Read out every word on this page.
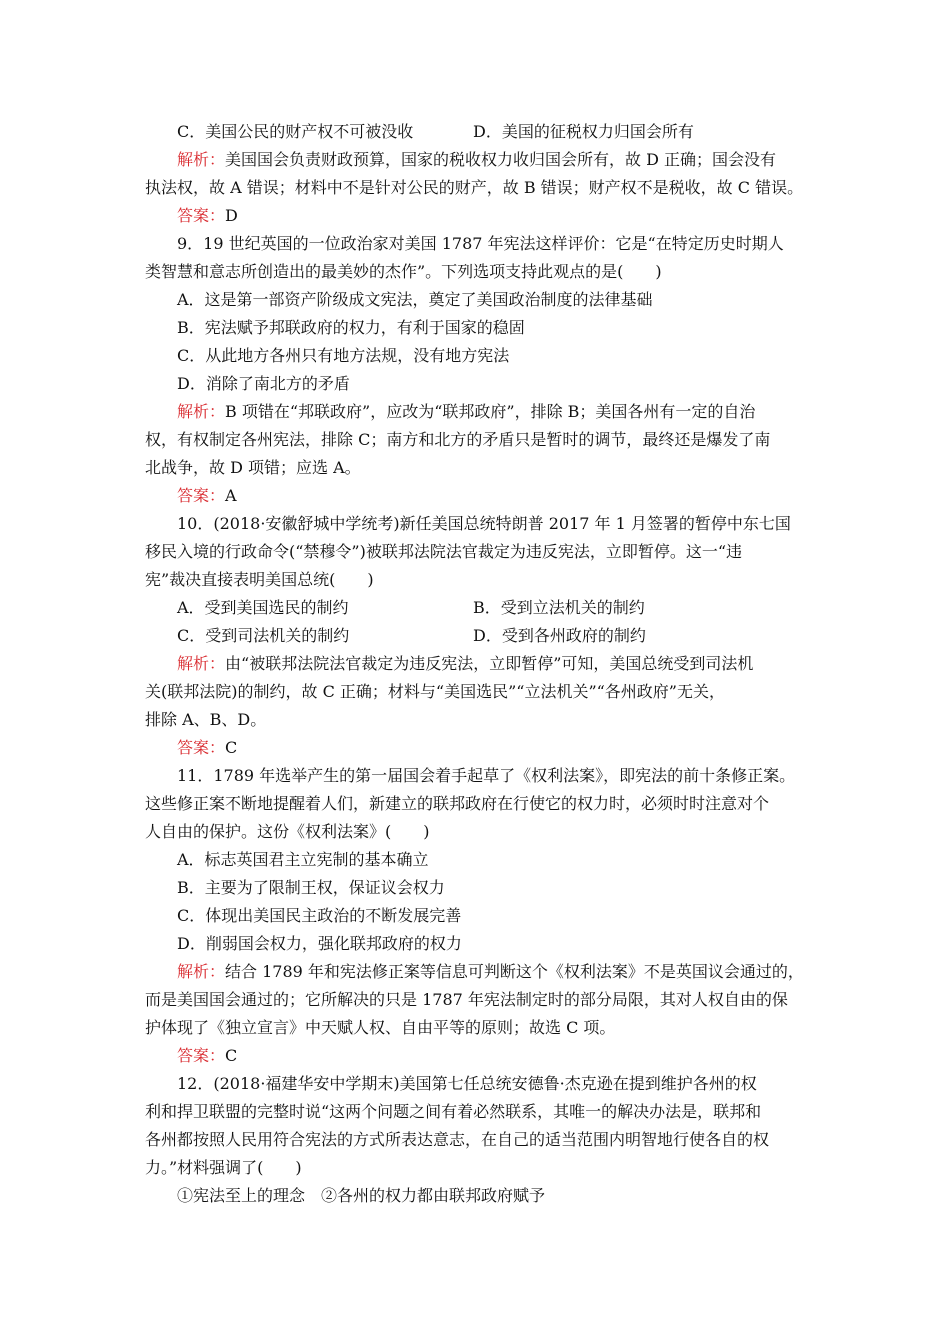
C．美国公民的财产权不可被没收	D．美国的征税权力归国会所有
解析：美国国会负责财政预算，国家的税收权力收归国会所有，故 D 正确；国会没有
执法权，故 A 错误；材料中不是针对公民的财产，故 B 错误；财产权不是税收，故 C 错误。
答案：D
9．19 世纪英国的一位政治家对美国 1787 年宪法这样评价：它是“在特定历史时期人
类智慧和意志所创造出的最美妙的杰作”。下列选项支持此观点的是(　　)
A．这是第一部资产阶级成文宪法，奠定了美国政治制度的法律基础
B．宪法赋予邦联政府的权力，有利于国家的稳固
C．从此地方各州只有地方法规，没有地方宪法
D．消除了南北方的矛盾
解析：B 项错在“邦联政府”，应改为“联邦政府”，排除 B；美国各州有一定的自治
权，有权制定各州宪法，排除 C；南方和北方的矛盾只是暂时的调节，最终还是爆发了南
北战争，故 D 项错；应选 A。
答案：A
10．(2018·安徽舒城中学统考)新任美国总统特朗普 2017 年 1 月签署的暂停中东七国
移民入境的行政命令(“禁穆令”)被联邦法院法官裁定为违反宪法，立即暂停。这一“违
宪”裁决直接表明美国总统(　　)
A．受到美国选民的制约	B．受到立法机关的制约
C．受到司法机关的制约	D．受到各州政府的制约
解析：由“被联邦法院法官裁定为违反宪法，立即暂停”可知，美国总统受到司法机
关(联邦法院)的制约，故 C 正确；材料与“美国选民”“立法机关”“各州政府”无关，
排除 A、B、D。
答案：C
11．1789 年选举产生的第一届国会着手起草了《权利法案》，即宪法的前十条修正案。
这些修正案不断地提醒着人们，新建立的联邦政府在行使它的权力时，必须时时注意对个
人自由的保护。这份《权利法案》(　　)
A．标志英国君主立宪制的基本确立
B．主要为了限制王权，保证议会权力
C．体现出美国民主政治的不断发展完善
D．削弱国会权力，强化联邦政府的权力
解析：结合 1789 年和宪法修正案等信息可判断这个《权利法案》不是英国议会通过的，
而是美国国会通过的；它所解决的只是 1787 年宪法制定时的部分局限，其对人权自由的保
护体现了《独立宣言》中天赋人权、自由平等的原则；故选 C 项。
答案：C
12．(2018·福建华安中学期末)美国第七任总统安德鲁·杰克逊在提到维护各州的权
利和捍卫联盟的完整时说“这两个问题之间有着必然联系，其唯一的解决办法是，联邦和
各州都按照人民用符合宪法的方式所表达意志，在自己的适当范围内明智地行使各自的权
力。”材料强调了(　　)
①宪法至上的理念　②各州的权力都由联邦政府赋予
